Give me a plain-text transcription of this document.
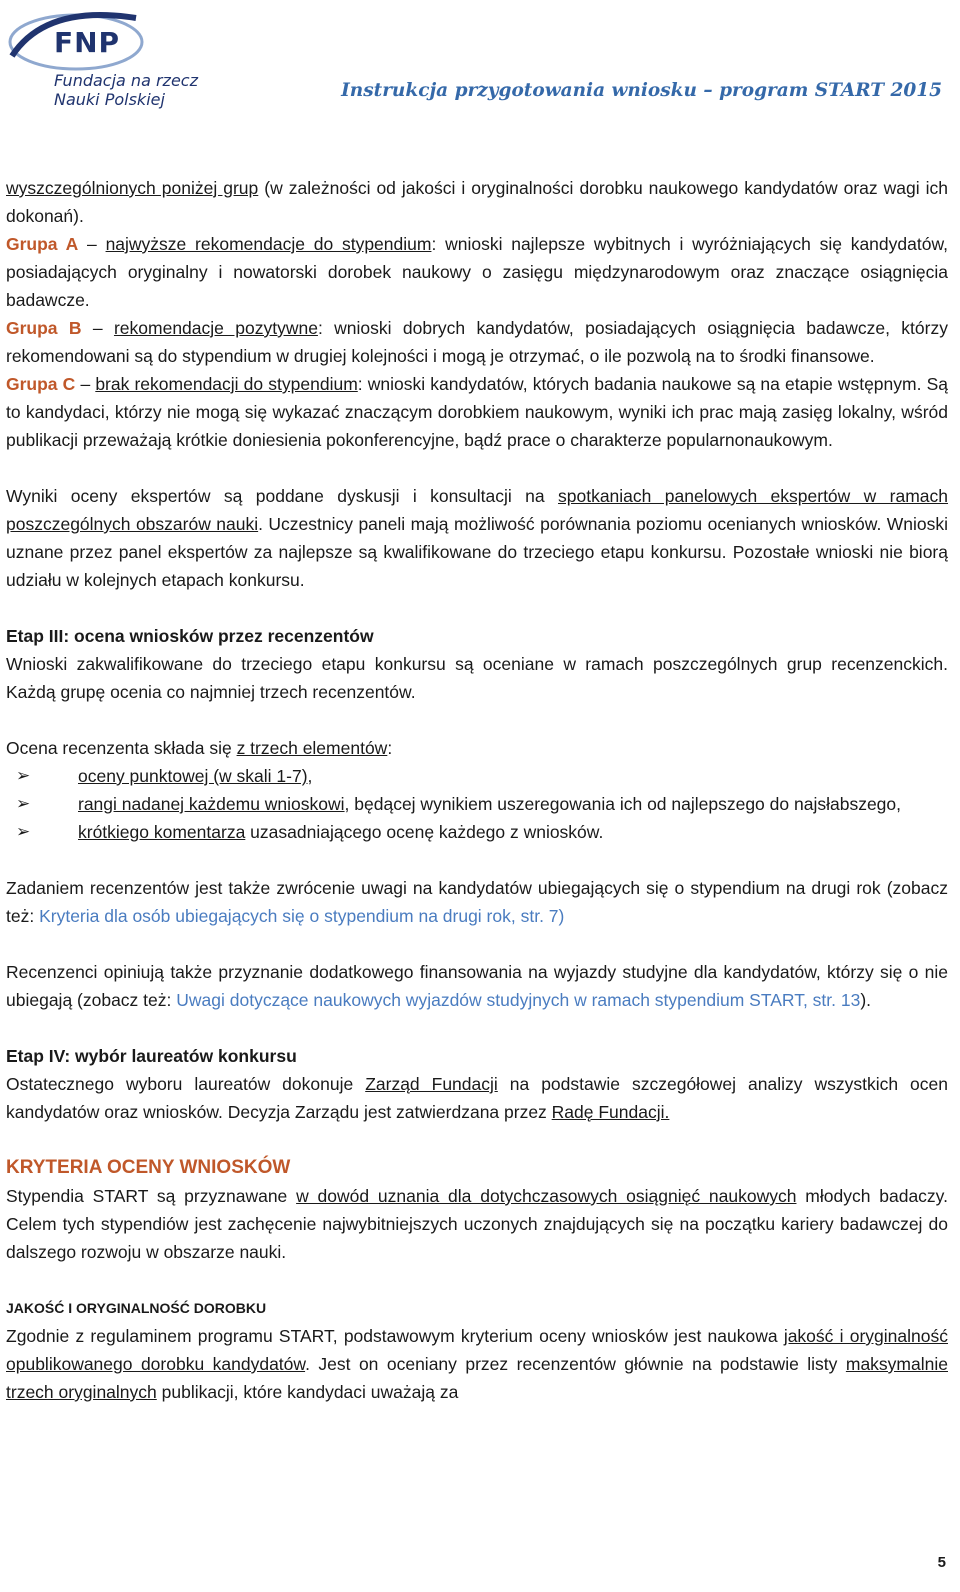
FNP
Fundacja na rzecz
Nauki Polskiej	Instrukcja przygotowania wniosku – program START 2015

wyszczególnionych poniżej grup (w zależności od jakości i oryginalności dorobku naukowego kandydatów oraz wagi ich dokonań).

Grupa A – najwyższe rekomendacje do stypendium: wnioski najlepsze wybitnych i wyróżniających się kandydatów, posiadających oryginalny i nowatorski dorobek naukowy o zasięgu międzynarodowym oraz znaczące osiągnięcia badawcze.

Grupa B – rekomendacje pozytywne: wnioski dobrych kandydatów, posiadających osiągnięcia badawcze, którzy rekomendowani są do stypendium w drugiej kolejności i mogą je otrzymać, o ile pozwolą na to środki finansowe.

Grupa C – brak rekomendacji do stypendium: wnioski kandydatów, których badania naukowe są na etapie wstępnym. Są to kandydaci, którzy nie mogą się wykazać znaczącym dorobkiem naukowym, wyniki ich prac mają zasięg lokalny, wśród publikacji przeważają krótkie doniesienia pokonferencyjne, bądź prace o charakterze popularnonaukowym.

Wyniki oceny ekspertów są poddane dyskusji i konsultacji na spotkaniach panelowych ekspertów w ramach poszczególnych obszarów nauki. Uczestnicy paneli mają możliwość porównania poziomu ocenianych wniosków. Wnioski uznane przez panel ekspertów za najlepsze są kwalifikowane do trzeciego etapu konkursu. Pozostałe wnioski nie biorą udziału w kolejnych etapach konkursu.

Etap III: ocena wniosków przez recenzentów

Wnioski zakwalifikowane do trzeciego etapu konkursu są oceniane w ramach poszczególnych grup recenzenckich. Każdą grupę ocenia co najmniej trzech recenzentów.

Ocena recenzenta składa się z trzech elementów:

➢	oceny punktowej (w skali 1-7),
➢	rangi nadanej każdemu wnioskowi, będącej wynikiem uszeregowania ich od najlepszego do najsłabszego,
➢	krótkiego komentarza uzasadniającego ocenę każdego z wniosków.

Zadaniem recenzentów jest także zwrócenie uwagi na kandydatów ubiegających się o stypendium na drugi rok (zobacz też: Kryteria dla osób ubiegających się o stypendium na drugi rok, str. 7)

Recenzenci opiniują także przyznanie dodatkowego finansowania na wyjazdy studyjne dla kandydatów, którzy się o nie ubiegają (zobacz też: Uwagi dotyczące naukowych wyjazdów studyjnych w ramach stypendium START, str. 13).

Etap IV: wybór laureatów konkursu

Ostatecznego wyboru laureatów dokonuje Zarząd Fundacji na podstawie szczegółowej analizy wszystkich ocen kandydatów oraz wniosków. Decyzja Zarządu jest zatwierdzana przez Radę Fundacji.

KRYTERIA OCENY WNIOSKÓW

Stypendia START są przyznawane w dowód uznania dla dotychczasowych osiągnięć naukowych młodych badaczy. Celem tych stypendiów jest zachęcenie najwybitniejszych uczonych znajdujących się na początku kariery badawczej do dalszego rozwoju w obszarze nauki.

JAKOŚĆ I ORYGINALNOŚĆ DOROBKU

Zgodnie z regulaminem programu START, podstawowym kryterium oceny wniosków jest naukowa jakość i oryginalność opublikowanego dorobku kandydatów. Jest on oceniany przez recenzentów głównie na podstawie listy maksymalnie trzech oryginalnych publikacji, które kandydaci uważają za

5
